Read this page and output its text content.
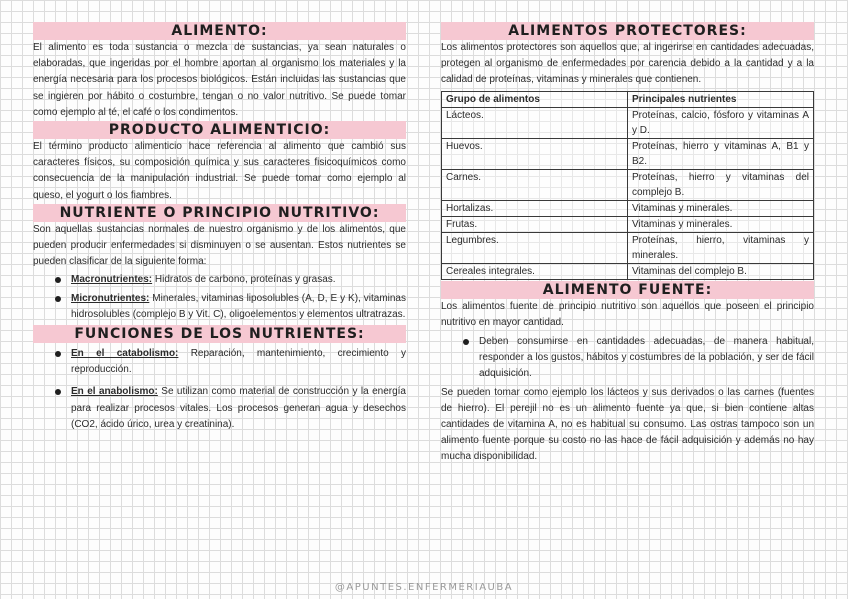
ALIMENTO:

El alimento es toda sustancia o mezcla de sustancias, ya sean naturales o elaboradas, que ingeridas por el hombre aportan al organismo los materiales y la energía necesaria para los procesos biológicos. Están incluidas las sustancias que se ingieren por hábito o costumbre, tengan o no valor nutritivo. Se puede tomar como ejemplo al té, el café o los condimentos.

PRODUCTO ALIMENTICIO:

El término producto alimenticio hace referencia al alimento que cambió sus caracteres físicos, su composición química y sus caracteres fisicoquímicos como consecuencia de la manipulación industrial. Se puede tomar como ejemplo al queso, el yogurt o los fiambres.

NUTRIENTE O PRINCIPIO NUTRITIVO:

Son aquellas sustancias normales de nuestro organismo y de los alimentos, que pueden producir enfermedades si disminuyen o se ausentan. Estos nutrientes se pueden clasificar de la siguiente forma:

Macronutrientes: Hidratos de carbono, proteínas y grasas.
Micronutrientes: Minerales, vitaminas liposolubles (A, D, E y K), vitaminas hidrosolubles (complejo B y Vit. C), oligoelementos y elementos ultratrazas.
FUNCIONES DE LOS NUTRIENTES:
En el catabolismo: Reparación, mantenimiento, crecimiento y reproducción.
En el anabolismo: Se utilizan como material de construcción y la energía para realizar procesos vitales. Los procesos generan agua y desechos (CO2, ácido úrico, urea y creatinina).
ALIMENTOS PROTECTORES:

Los alimentos protectores son aquellos que, al ingerirse en cantidades adecuadas, protegen al organismo de enfermedades por carencia debido a la cantidad y a la calidad de proteínas, vitaminas y minerales que contienen.

Grupo de alimentos	Principales nutrientes
Lácteos.	Proteínas, calcio, fósforo y vitaminas A y D.
Huevos.	Proteínas, hierro y vitaminas A, B1 y B2.
Carnes.	Proteínas, hierro y vitaminas del complejo B.
Hortalizas.	Vitaminas y minerales.
Frutas.	Vitaminas y minerales.
Legumbres.	Proteínas, hierro, vitaminas y minerales.
Cereales integrales.	Vitaminas del complejo B.
ALIMENTO FUENTE:

Los alimentos fuente de principio nutritivo son aquellos que poseen el principio nutritivo en mayor cantidad.

Deben consumirse en cantidades adecuadas, de manera habitual, responder a los gustos, hábitos y costumbres de la población, y ser de fácil adquisición.

Se pueden tomar como ejemplo los lácteos y sus derivados o las carnes (fuentes de hierro). El perejil no es un alimento fuente ya que, si bien contiene altas cantidades de vitamina A, no es habitual su consumo. Las ostras tampoco son un alimento fuente porque su costo no las hace de fácil adquisición y además no hay mucha disponibilidad.

@APUNTES.ENFERMERIAUBA
